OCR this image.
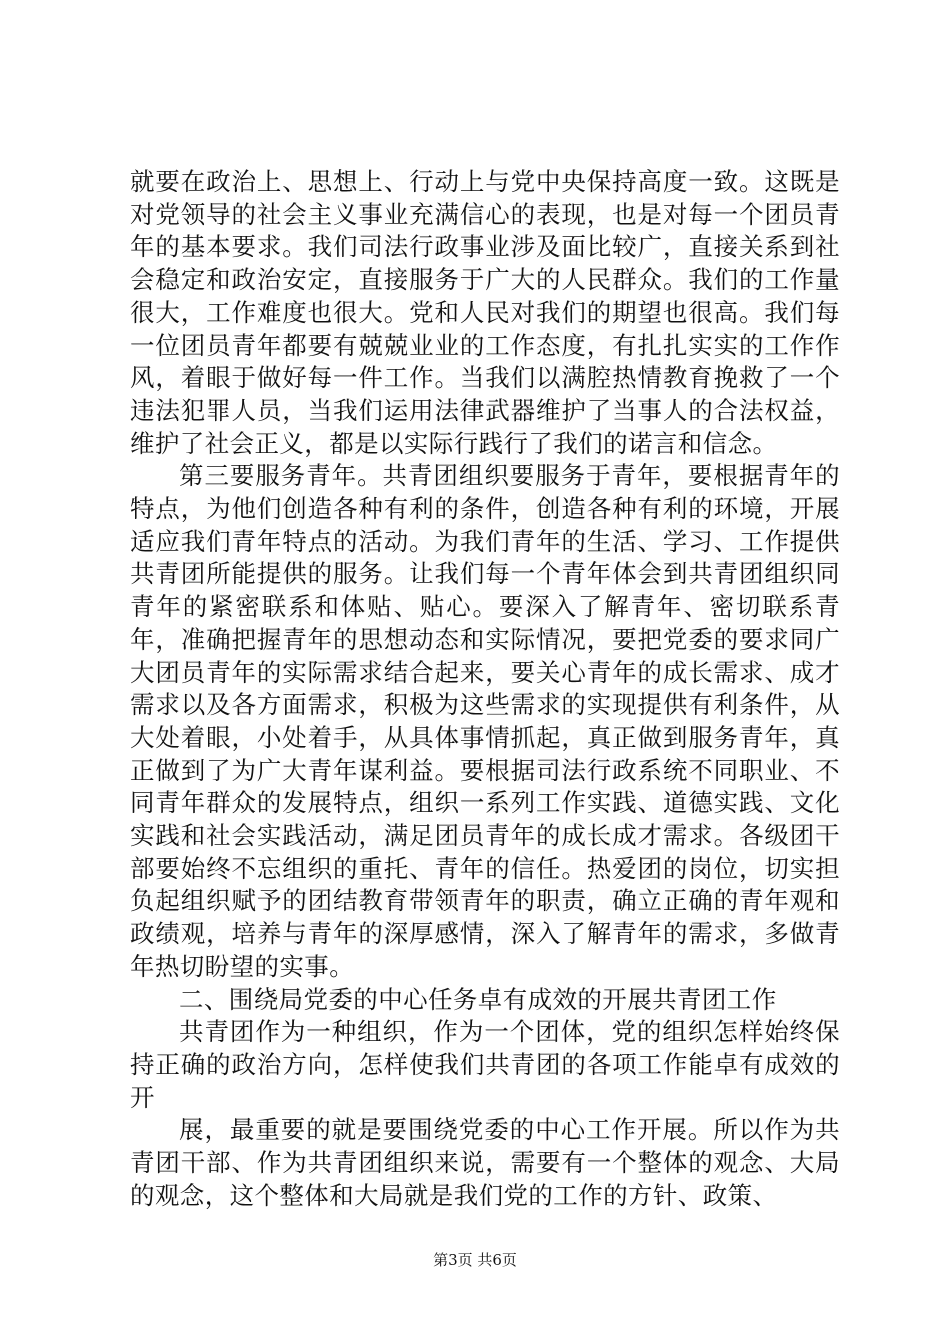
就要在政治上、思想上、行动上与党中央保持高度一致。这既是对党领导的社会主义事业充满信心的表现，也是对每一个团员青年的基本要求。我们司法行政事业涉及面比较广，直接关系到社会稳定和政治安定，直接服务于广大的人民群众。我们的工作量很大，工作难度也很大。党和人民对我们的期望也很高。我们每一位团员青年都要有兢兢业业的工作态度，有扎扎实实的工作作风，着眼于做好每一件工作。当我们以满腔热情教育挽救了一个违法犯罪人员，当我们运用法律武器维护了当事人的合法权益，维护了社会正义，都是以实际行践行了我们的诺言和信念。

第三要服务青年。共青团组织要服务于青年，要根据青年的特点，为他们创造各种有利的条件，创造各种有利的环境，开展适应我们青年特点的活动。为我们青年的生活、学习、工作提供共青团所能提供的服务。让我们每一个青年体会到共青团组织同青年的紧密联系和体贴、贴心。要深入了解青年、密切联系青年，准确把握青年的思想动态和实际情况，要把党委的要求同广大团员青年的实际需求结合起来，要关心青年的成长需求、成才需求以及各方面需求，积极为这些需求的实现提供有利条件，从大处着眼，小处着手，从具体事情抓起，真正做到服务青年，真正做到了为广大青年谋利益。要根据司法行政系统不同职业、不同青年群众的发展特点，组织一系列工作实践、道德实践、文化实践和社会实践活动，满足团员青年的成长成才需求。各级团干部要始终不忘组织的重托、青年的信任。热爱团的岗位，切实担负起组织赋予的团结教育带领青年的职责，确立正确的青年观和政绩观，培养与青年的深厚感情，深入了解青年的需求，多做青年热切盼望的实事。

二、围绕局党委的中心任务卓有成效的开展共青团工作

共青团作为一种组织，作为一个团体，党的组织怎样始终保持正确的政治方向，怎样使我们共青团的各项工作能卓有成效的开

展，最重要的就是要围绕党委的中心工作开展。所以作为共青团干部、作为共青团组织来说，需要有一个整体的观念、大局的观念，这个整体和大局就是我们党的工作的方针、政策、

第3页 共6页
